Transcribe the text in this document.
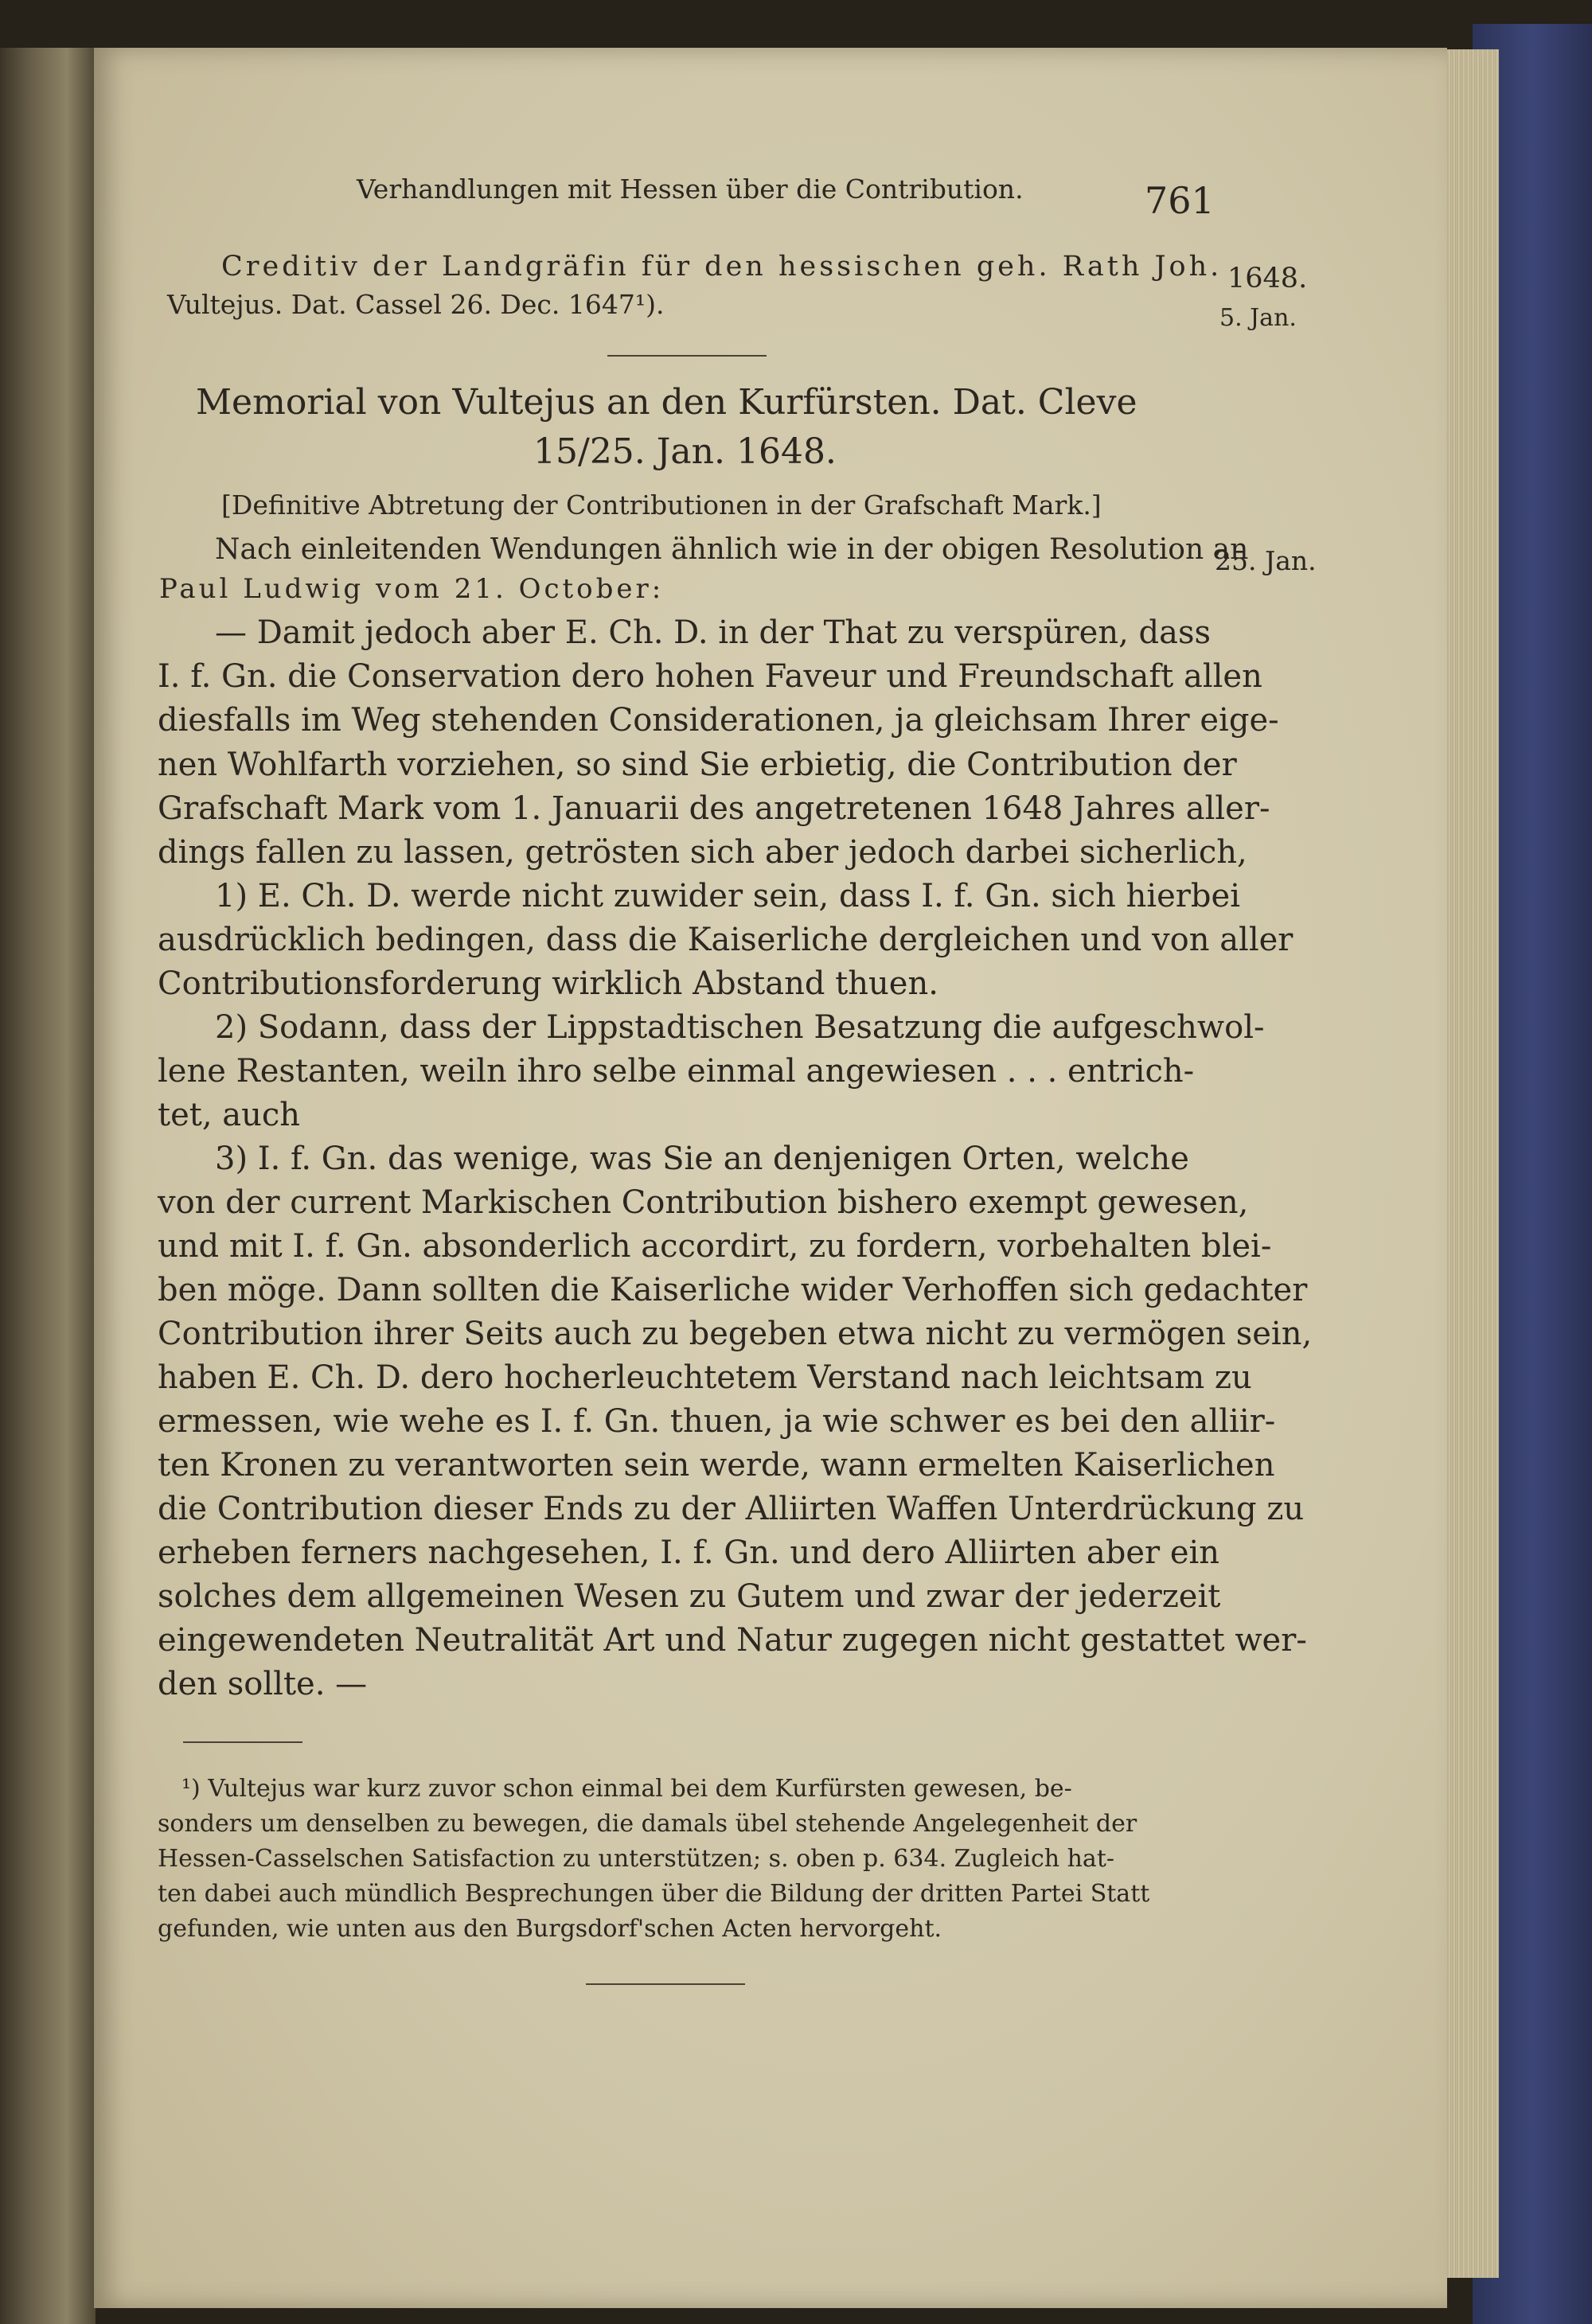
Verhandlungen mit Hessen über die Contribution.	761
Creditiv der Landgräfin für den hessischen geh. Rath Joh.
Vultejus. Dat. Cassel 26. Dec. 1647¹).
1648.
5. Jan.
Memorial von Vultejus an den Kurfürsten. Dat. Cleve
15/25. Jan. 1648.
[Definitive Abtretung der Contributionen in der Grafschaft Mark.]
25. Jan.
Nach einleitenden Wendungen ähnlich wie in der obigen Resolution an
Paul Ludwig vom 21. October:
— Damit jedoch aber E. Ch. D. in der That zu verspüren, dass
I. f. Gn. die Conservation dero hohen Faveur und Freundschaft allen
diesfalls im Weg stehenden Considerationen, ja gleichsam Ihrer eige-
nen Wohlfarth vorziehen, so sind Sie erbietig, die Contribution der
Grafschaft Mark vom 1. Januarii des angetretenen 1648 Jahres aller-
dings fallen zu lassen, getrösten sich aber jedoch darbei sicherlich,
1) E. Ch. D. werde nicht zuwider sein, dass I. f. Gn. sich hierbei
ausdrücklich bedingen, dass die Kaiserliche dergleichen und von aller
Contributionsforderung wirklich Abstand thuen.
2) Sodann, dass der Lippstadtischen Besatzung die aufgeschwol-
lene Restanten, weiln ihro selbe einmal angewiesen . . . entrich-
tet, auch
3) I. f. Gn. das wenige, was Sie an denjenigen Orten, welche
von der current Markischen Contribution bishero exempt gewesen,
und mit I. f. Gn. absonderlich accordirt, zu fordern, vorbehalten blei-
ben möge. Dann sollten die Kaiserliche wider Verhoffen sich gedachter
Contribution ihrer Seits auch zu begeben etwa nicht zu vermögen sein,
haben E. Ch. D. dero hocherleuchtetem Verstand nach leichtsam zu
ermessen, wie wehe es I. f. Gn. thuen, ja wie schwer es bei den alliir-
ten Kronen zu verantworten sein werde, wann ermelten Kaiserlichen
die Contribution dieser Ends zu der Alliirten Waffen Unterdrückung zu
erheben ferners nachgesehen, I. f. Gn. und dero Alliirten aber ein
solches dem allgemeinen Wesen zu Gutem und zwar der jederzeit
eingewendeten Neutralität Art und Natur zugegen nicht gestattet wer-
den sollte. —
¹) Vultejus war kurz zuvor schon einmal bei dem Kurfürsten gewesen, be-
sonders um denselben zu bewegen, die damals übel stehende Angelegenheit der
Hessen-Casselschen Satisfaction zu unterstützen; s. oben p. 634. Zugleich hat-
ten dabei auch mündlich Besprechungen über die Bildung der dritten Partei Statt
gefunden, wie unten aus den Burgsdorf'schen Acten hervorgeht.
